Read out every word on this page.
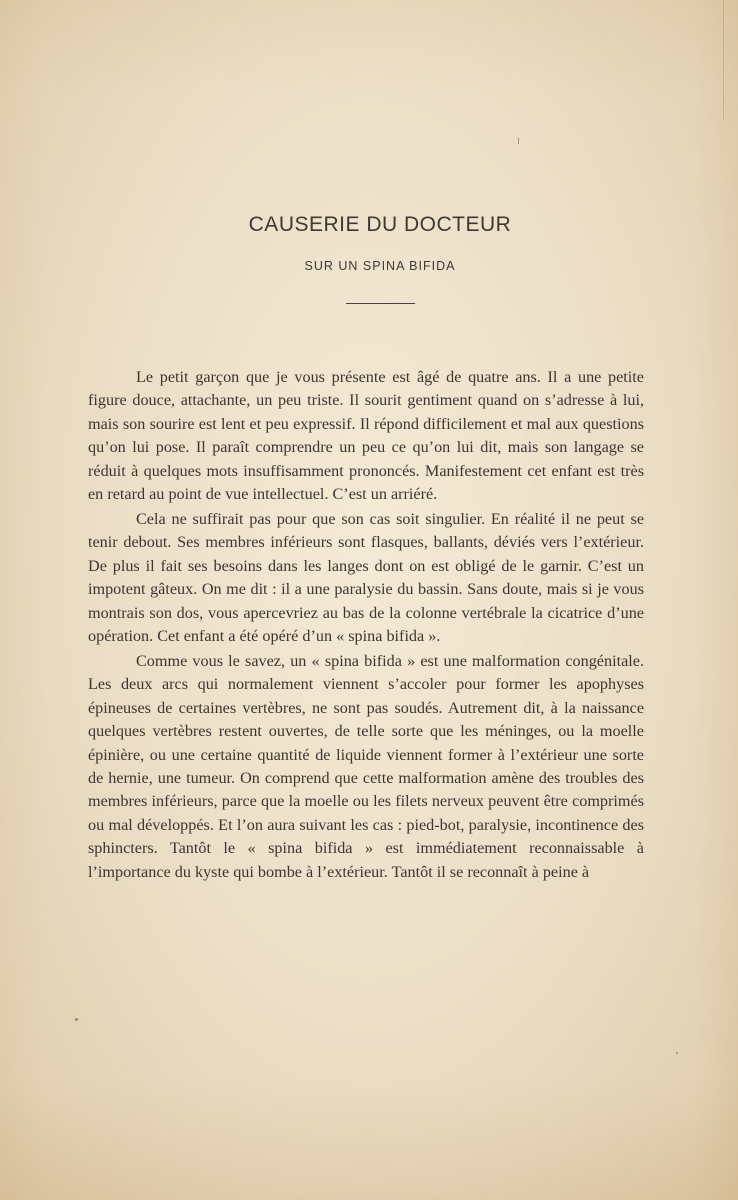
CAUSERIE DU DOCTEUR
SUR UN SPINA BIFIDA

Le petit garçon que je vous présente est âgé de quatre ans. Il a une petite figure douce, attachante, un peu triste. Il sourit gentiment quand on s’adresse à lui, mais son sourire est lent et peu expressif. Il répond difficilement et mal aux questions qu’on lui pose. Il paraît comprendre un peu ce qu’on lui dit, mais son langage se réduit à quelques mots insuffisamment prononcés. Manifestement cet enfant est très en retard au point de vue intellectuel. C’est un arriéré.

Cela ne suffirait pas pour que son cas soit singulier. En réalité il ne peut se tenir debout. Ses membres inférieurs sont flasques, ballants, déviés vers l’extérieur. De plus il fait ses besoins dans les langes dont on est obligé de le garnir. C’est un impotent gâteux. On me dit : il a une paralysie du bassin. Sans doute, mais si je vous montrais son dos, vous apercevriez au bas de la colonne vertébrale la cicatrice d’une opération. Cet enfant a été opéré d’un « spina bifida ».

Comme vous le savez, un « spina bifida » est une malformation congénitale. Les deux arcs qui normalement viennent s’accoler pour former les apophyses épineuses de certaines vertèbres, ne sont pas soudés. Autrement dit, à la naissance quelques vertèbres restent ouvertes, de telle sorte que les méninges, ou la moelle épinière, ou une certaine quantité de liquide viennent former à l’extérieur une sorte de hernie, une tumeur. On comprend que cette malformation amène des troubles des membres inférieurs, parce que la moelle ou les filets nerveux peuvent être comprimés ou mal développés. Et l’on aura suivant les cas : pied-bot, paralysie, incontinence des sphincters. Tantôt le « spina bifida » est immédiatement reconnaissable à l’importance du kyste qui bombe à l’extérieur. Tantôt il se reconnaît à peine à
